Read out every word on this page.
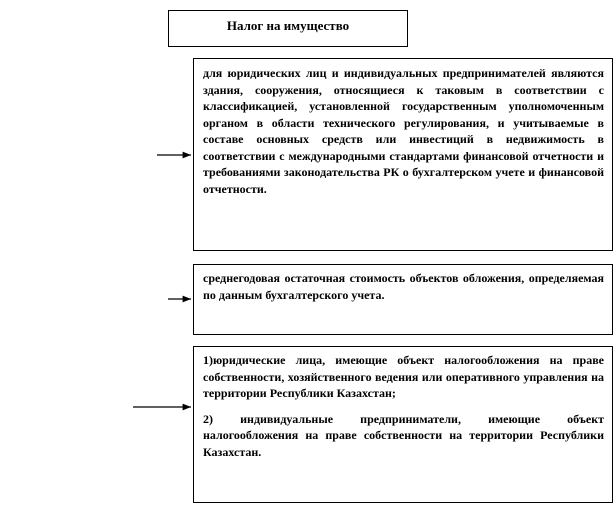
Налог на имущество

для юридических лиц и индивидуальных предпринимателей являются здания, сооружения, относящиеся к таковым в соответствии с классификацией, установленной государственным уполномоченным органом в области технического регулирования, и учитываемые в составе основных средств или инвестиций в недвижимость в соответствии с международными стандартами финансовой отчетности и требованиями законодательства РК о бухгалтерском учете и финансовой отчетности.

среднегодовая остаточная стоимость объектов обложения, определяемая по данным бухгалтерского учета.

1)юридические лица, имеющие объект налогообложения на праве собственности, хозяйственного ведения или оперативного управления на территории Республики Казахстан;

2) индивидуальные предприниматели, имеющие объект налогообложения на праве собственности на территории Республики Казахстан.
